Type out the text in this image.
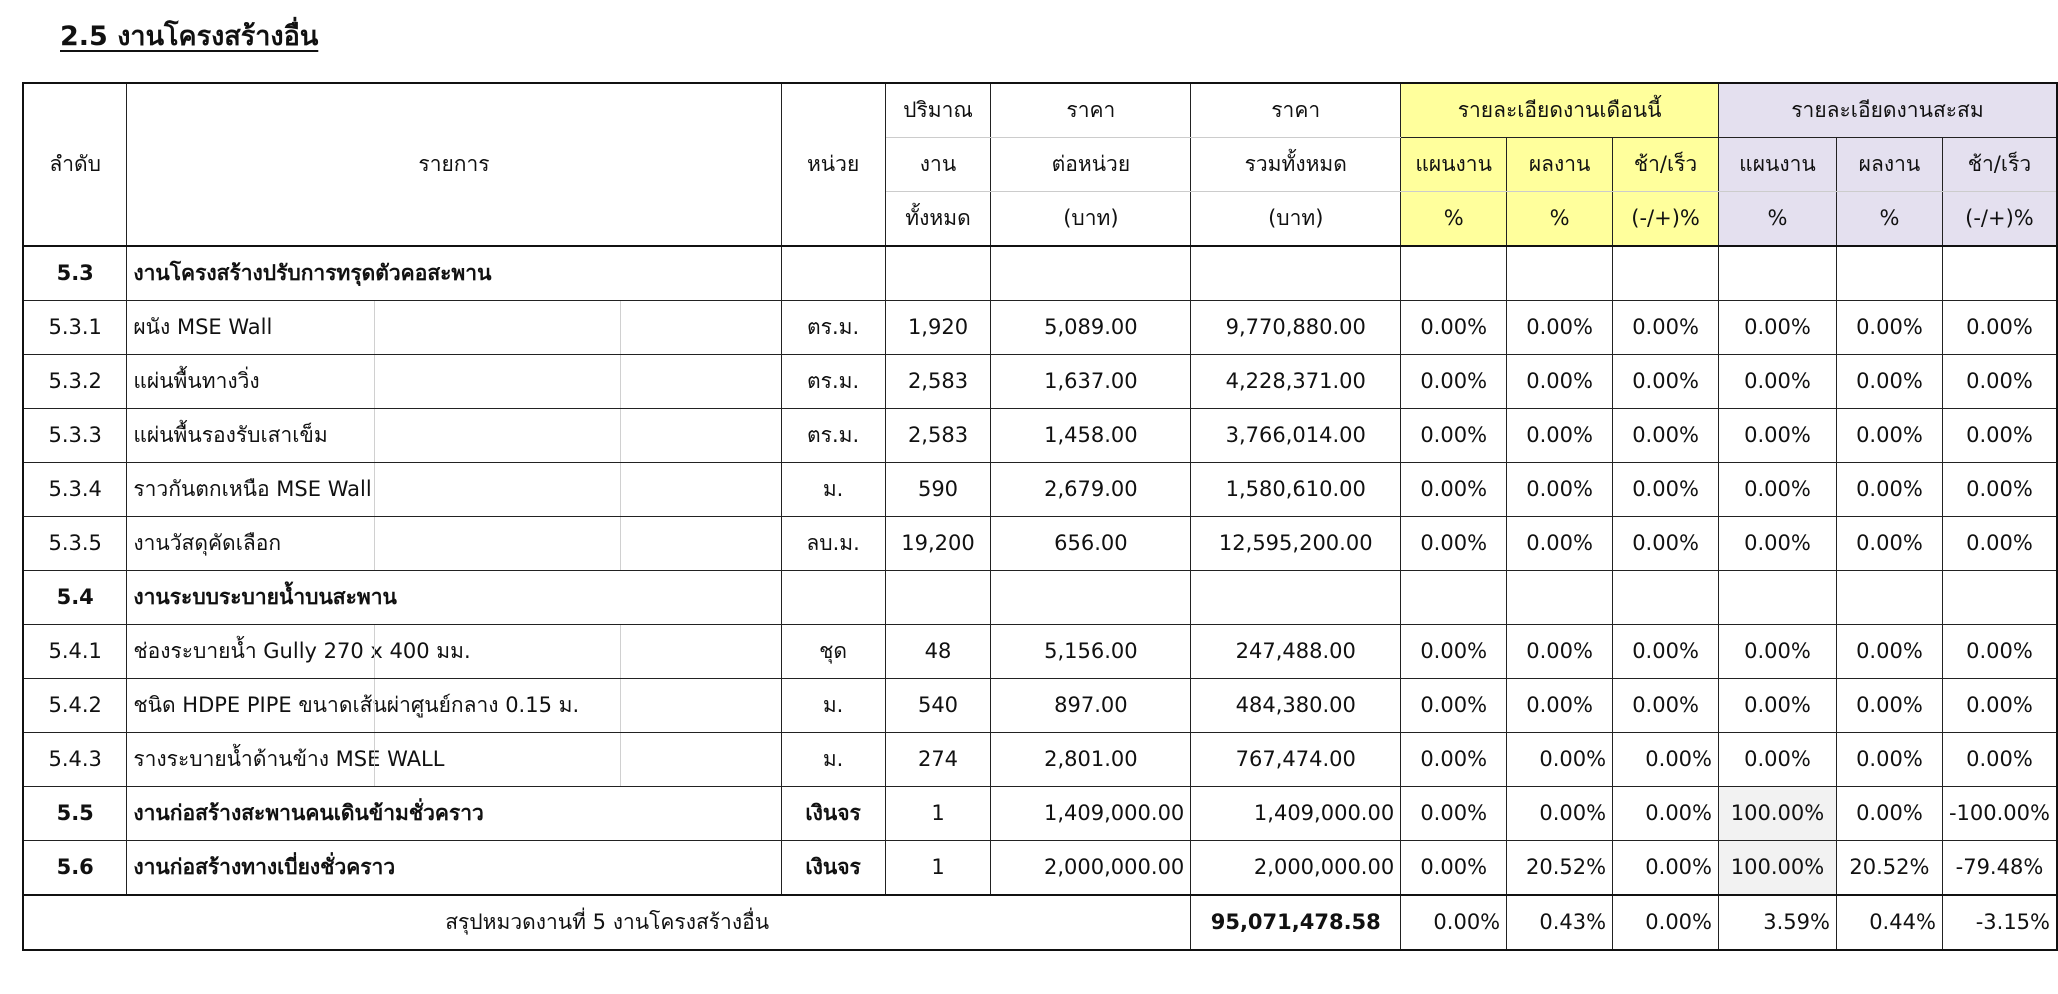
2.5 งานโครงสร้างอื่น
ลำดับ	รายการ	หน่วย	ปริมาณ	ราคา	ราคา	รายละเอียดงานเดือนนี้			รายละเอียดงานสะสม		
			งาน	ต่อหน่วย	รวมทั้งหมด	แผนงาน	ผลงาน	ช้า/เร็ว	แผนงาน	ผลงาน	ช้า/เร็ว
			ทั้งหมด	(บาท)	(บาท)	%	%	(-/+)%	%	%	(-/+)%
5.3	งานโครงสร้างปรับการทรุดตัวคอสะพาน										
5.3.1	ผนัง MSE Wall	ตร.ม.	1,920	5,089.00	9,770,880.00	0.00%	0.00%	0.00%	0.00%	0.00%	0.00%
5.3.2	แผ่นพื้นทางวิ่ง	ตร.ม.	2,583	1,637.00	4,228,371.00	0.00%	0.00%	0.00%	0.00%	0.00%	0.00%
5.3.3	แผ่นพื้นรองรับเสาเข็ม	ตร.ม.	2,583	1,458.00	3,766,014.00	0.00%	0.00%	0.00%	0.00%	0.00%	0.00%
5.3.4	ราวกันตกเหนือ MSE Wall	ม.	590	2,679.00	1,580,610.00	0.00%	0.00%	0.00%	0.00%	0.00%	0.00%
5.3.5	งานวัสดุคัดเลือก	ลบ.ม.	19,200	656.00	12,595,200.00	0.00%	0.00%	0.00%	0.00%	0.00%	0.00%
5.4	งานระบบระบายน้ำบนสะพาน										
5.4.1	ช่องระบายน้ำ Gully 270 x 400 มม.	ชุด	48	5,156.00	247,488.00	0.00%	0.00%	0.00%	0.00%	0.00%	0.00%
5.4.2	ชนิด HDPE PIPE ขนาดเส้นผ่าศูนย์กลาง 0.15 ม.	ม.	540	897.00	484,380.00	0.00%	0.00%	0.00%	0.00%	0.00%	0.00%
5.4.3	รางระบายน้ำด้านข้าง MSE WALL	ม.	274	2,801.00	767,474.00	0.00%	0.00%	0.00%	0.00%	0.00%	0.00%
5.5	งานก่อสร้างสะพานคนเดินข้ามชั่วคราว	เงินจร	1	1,409,000.00	1,409,000.00	0.00%	0.00%	0.00%	100.00%	0.00%	-100.00%
5.6	งานก่อสร้างทางเบี่ยงชั่วคราว	เงินจร	1	2,000,000.00	2,000,000.00	0.00%	20.52%	0.00%	100.00%	20.52%	-79.48%
สรุปหมวดงานที่ 5 งานโครงสร้างอื่น					95,071,478.58	0.00%	0.43%	0.00%	3.59%	0.44%	-3.15%
